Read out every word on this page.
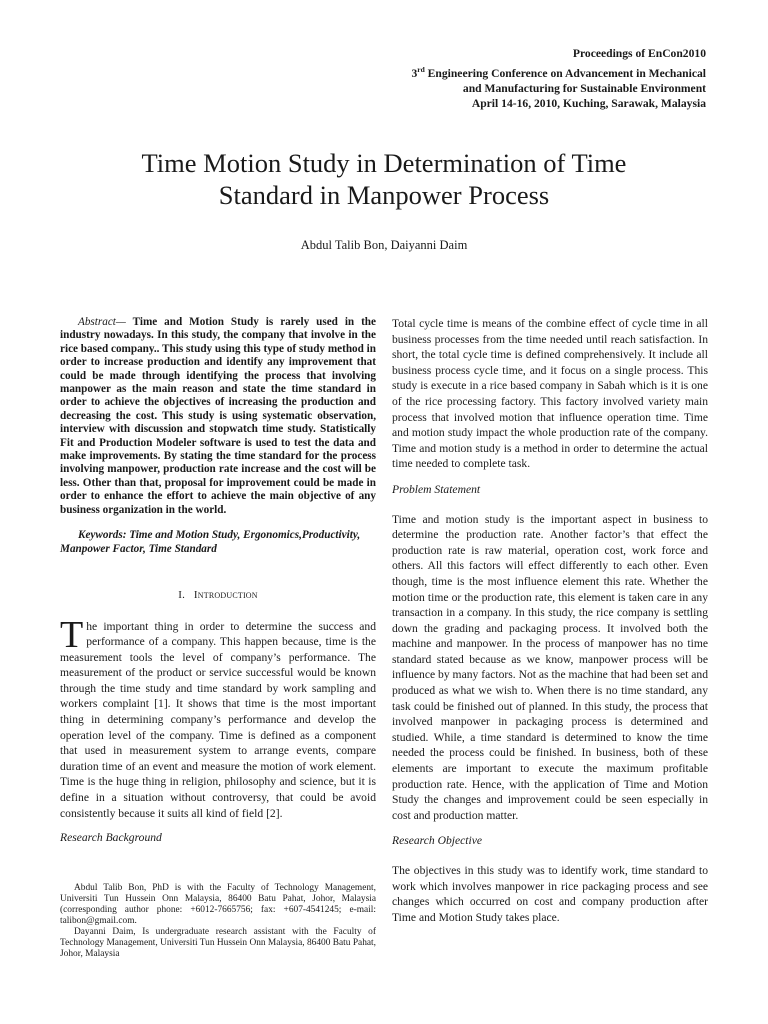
Proceedings of EnCon2010
3rd Engineering Conference on Advancement in Mechanical
and Manufacturing for Sustainable Environment
April 14-16, 2010, Kuching, Sarawak, Malaysia
Time Motion Study in Determination of Time
Standard in Manpower Process
Abdul Talib Bon, Daiyanni Daim

Abstract— Time and Motion Study is rarely used in the industry nowadays. In this study, the company that involve in the rice based company.. This study using this type of study method in order to increase production and identify any improvement that could be made through identifying the process that involving manpower as the main reason and state the time standard in order to achieve the objectives of increasing the production and decreasing the cost. This study is using systematic observation, interview with discussion and stopwatch time study. Statistically Fit and Production Modeler software is used to test the data and make improvements. By stating the time standard for the process involving manpower, production rate increase and the cost will be less. Other than that, proposal for improvement could be made in order to enhance the effort to achieve the main objective of any business organization in the world.

Keywords: Time and Motion Study, Ergonomics,Productivity, Manpower Factor, Time Standard

I. Introduction

The important thing in order to determine the success and performance of a company. This happen because, time is the measurement tools the level of company’s performance. The measurement of the product or service successful would be known through the time study and time standard by work sampling and workers complaint [1]. It shows that time is the most important thing in determining company’s performance and develop the operation level of the company. Time is defined as a component that used in measurement system to arrange events, compare duration time of an event and measure the motion of work element. Time is the huge thing in religion, philosophy and science, but it is define in a situation without controversy, that could be avoid consistently because it suits all kind of field [2].

Research Background

Abdul Talib Bon, PhD is with the Faculty of Technology Management, Universiti Tun Hussein Onn Malaysia, 86400 Batu Pahat, Johor, Malaysia (corresponding author phone: +6012-7665756; fax: +607-4541245; e-mail: talibon@gmail.com.

Dayanni Daim, Is undergraduate research assistant with the Faculty of Technology Management, Universiti Tun Hussein Onn Malaysia, 86400 Batu Pahat, Johor, Malaysia

Total cycle time is means of the combine effect of cycle time in all business processes from the time needed until reach satisfaction. In short, the total cycle time is defined comprehensively. It include all business process cycle time, and it focus on a single process. This study is execute in a rice based company in Sabah which is it is one of the rice processing factory. This factory involved variety main process that involved motion that influence operation time. Time and motion study impact the whole production rate of the company. Time and motion study is a method in order to determine the actual time needed to complete task.

Problem Statement

Time and motion study is the important aspect in business to determine the production rate. Another factor’s that effect the production rate is raw material, operation cost, work force and others. All this factors will effect differently to each other. Even though, time is the most influence element this rate. Whether the motion time or the production rate, this element is taken care in any transaction in a company. In this study, the rice company is settling down the grading and packaging process. It involved both the machine and manpower. In the process of manpower has no time standard stated because as we know, manpower process will be influence by many factors. Not as the machine that had been set and produced as what we wish to. When there is no time standard, any task could be finished out of planned. In this study, the process that involved manpower in packaging process is determined and studied. While, a time standard is determined to know the time needed the process could be finished. In business, both of these elements are important to execute the maximum profitable production rate. Hence, with the application of Time and Motion Study the changes and improvement could be seen especially in cost and production matter.

Research Objective

The objectives in this study was to identify work, time standard to work which involves manpower in rice packaging process and see changes which occurred on cost and company production after Time and Motion Study takes place.
